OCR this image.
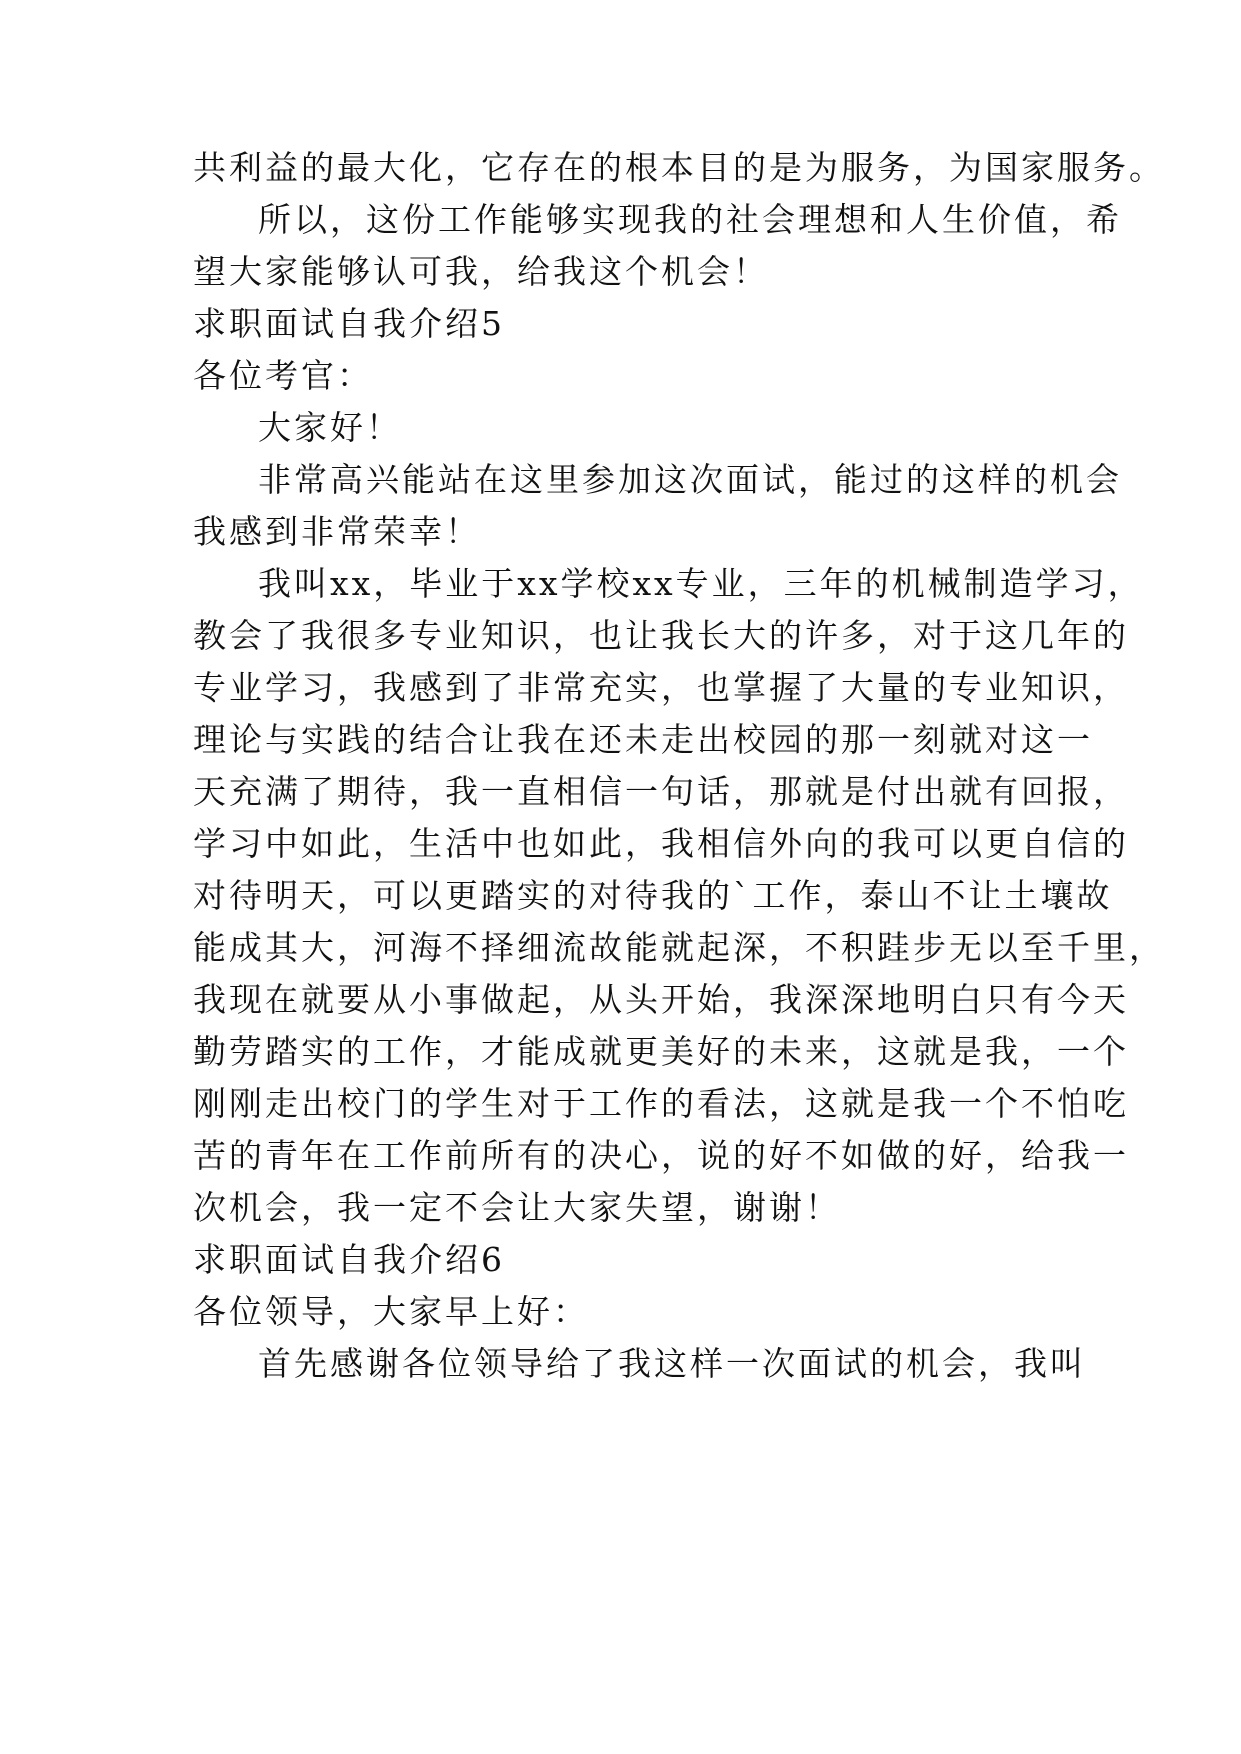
共利益的最大化，它存在的根本目的是为服务，为国家服务。
所以，这份工作能够实现我的社会理想和人生价值，希
望大家能够认可我，给我这个机会！
求职面试自我介绍5
各位考官：
大家好！
非常高兴能站在这里参加这次面试，能过的这样的机会
我感到非常荣幸！
我叫xx，毕业于xx学校xx专业，三年的机械制造学习，
教会了我很多专业知识，也让我长大的许多，对于这几年的
专业学习，我感到了非常充实，也掌握了大量的专业知识，
理论与实践的结合让我在还未走出校园的那一刻就对这一
天充满了期待，我一直相信一句话，那就是付出就有回报，
学习中如此，生活中也如此，我相信外向的我可以更自信的
对待明天，可以更踏实的对待我的`工作，泰山不让土壤故
能成其大，河海不择细流故能就起深，不积跬步无以至千里，
我现在就要从小事做起，从头开始，我深深地明白只有今天
勤劳踏实的工作，才能成就更美好的未来，这就是我，一个
刚刚走出校门的学生对于工作的看法，这就是我一个不怕吃
苦的青年在工作前所有的决心，说的好不如做的好，给我一
次机会，我一定不会让大家失望，谢谢！
求职面试自我介绍6
各位领导，大家早上好：
首先感谢各位领导给了我这样一次面试的机会，我叫
